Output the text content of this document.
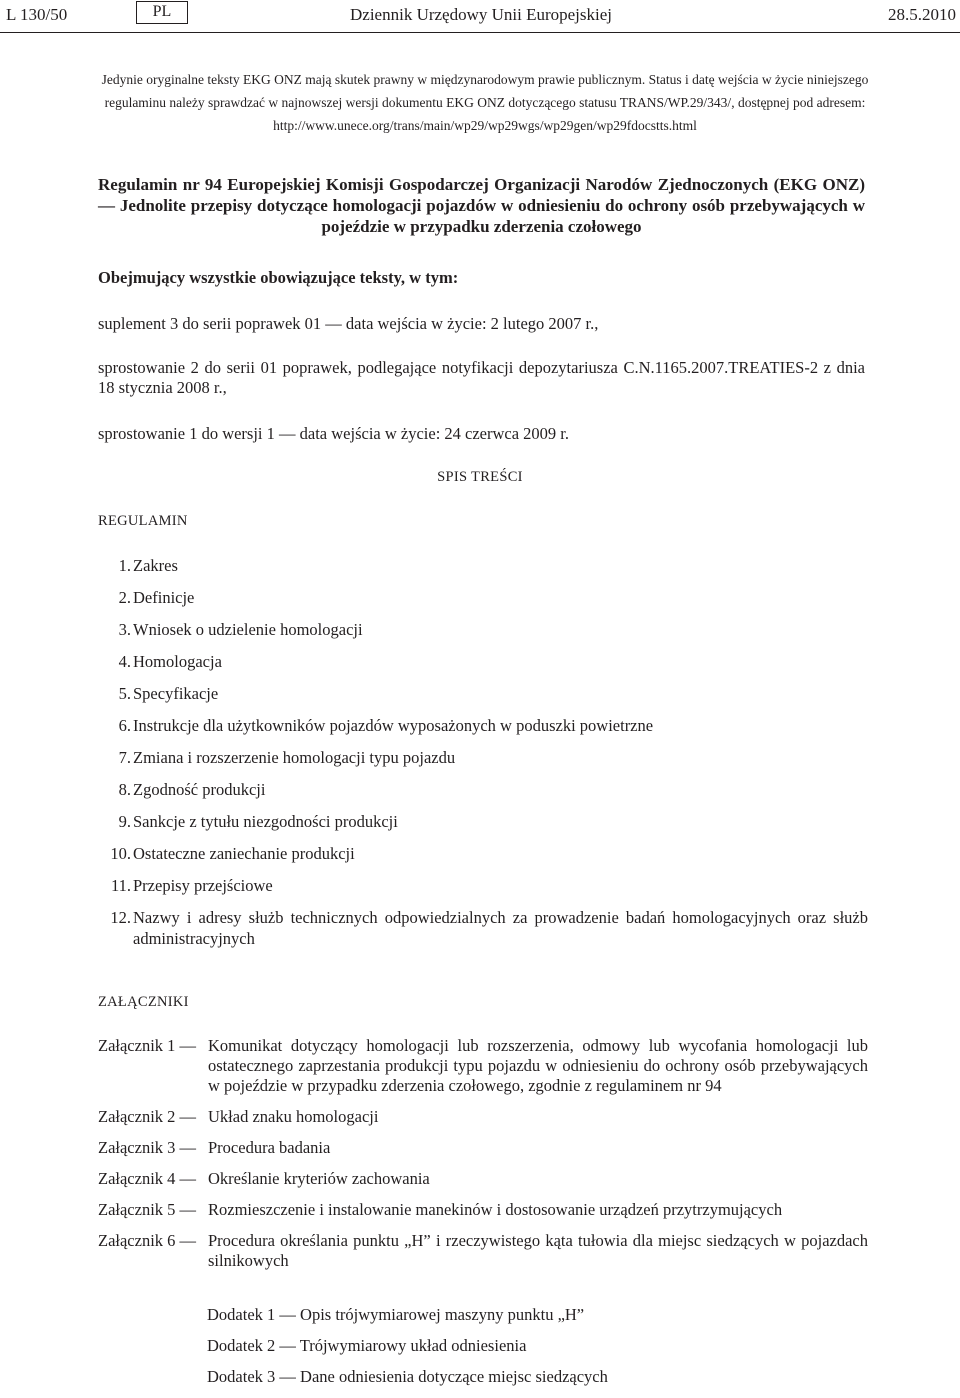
L 130/50	PL	Dziennik Urzędowy Unii Europejskiej	28.5.2010
Jedynie oryginalne teksty EKG ONZ mają skutek prawny w międzynarodowym prawie publicznym. Status i datę wejścia w życie niniejszego regulaminu należy sprawdzać w najnowszej wersji dokumentu EKG ONZ dotyczącego statusu TRANS/WP.29/343/, dostępnej pod adresem:
http://www.unece.org/trans/main/wp29/wp29wgs/wp29gen/wp29fdocstts.html
Regulamin nr 94 Europejskiej Komisji Gospodarczej Organizacji Narodów Zjednoczonych (EKG ONZ) — Jednolite przepisy dotyczące homologacji pojazdów w odniesieniu do ochrony osób przebywających w pojeździe w przypadku zderzenia czołowego
Obejmujący wszystkie obowiązujące teksty, w tym:
suplement 3 do serii poprawek 01 — data wejścia w życie: 2 lutego 2007 r.,
sprostowanie 2 do serii 01 poprawek, podlegające notyfikacji depozytariusza C.N.1165.2007.TREATIES-2 z dnia 18 stycznia 2008 r.,
sprostowanie 1 do wersji 1 — data wejścia w życie: 24 czerwca 2009 r.
SPIS TREŚCI
REGULAMIN
1. Zakres
2. Definicje
3. Wniosek o udzielenie homologacji
4. Homologacja
5. Specyfikacje
6. Instrukcje dla użytkowników pojazdów wyposażonych w poduszki powietrzne
7. Zmiana i rozszerzenie homologacji typu pojazdu
8. Zgodność produkcji
9. Sankcje z tytułu niezgodności produkcji
10. Ostateczne zaniechanie produkcji
11. Przepisy przejściowe
12. Nazwy i adresy służb technicznych odpowiedzialnych za prowadzenie badań homologacyjnych oraz służb administracyjnych
ZAŁĄCZNIKI
Załącznik 1 — Komunikat dotyczący homologacji lub rozszerzenia, odmowy lub wycofania homologacji lub ostatecznego zaprzestania produkcji typu pojazdu w odniesieniu do ochrony osób przebywających w pojeździe w przypadku zderzenia czołowego, zgodnie z regulaminem nr 94
Załącznik 2 — Układ znaku homologacji
Załącznik 3 — Procedura badania
Załącznik 4 — Określanie kryteriów zachowania
Załącznik 5 — Rozmieszczenie i instalowanie manekinów i dostosowanie urządzeń przytrzymujących
Załącznik 6 — Procedura określania punktu „H” i rzeczywistego kąta tułowia dla miejsc siedzących w pojazdach silnikowych
Dodatek 1 — Opis trójwymiarowej maszyny punktu „H”
Dodatek 2 — Trójwymiarowy układ odniesienia
Dodatek 3 — Dane odniesienia dotyczące miejsc siedzących
